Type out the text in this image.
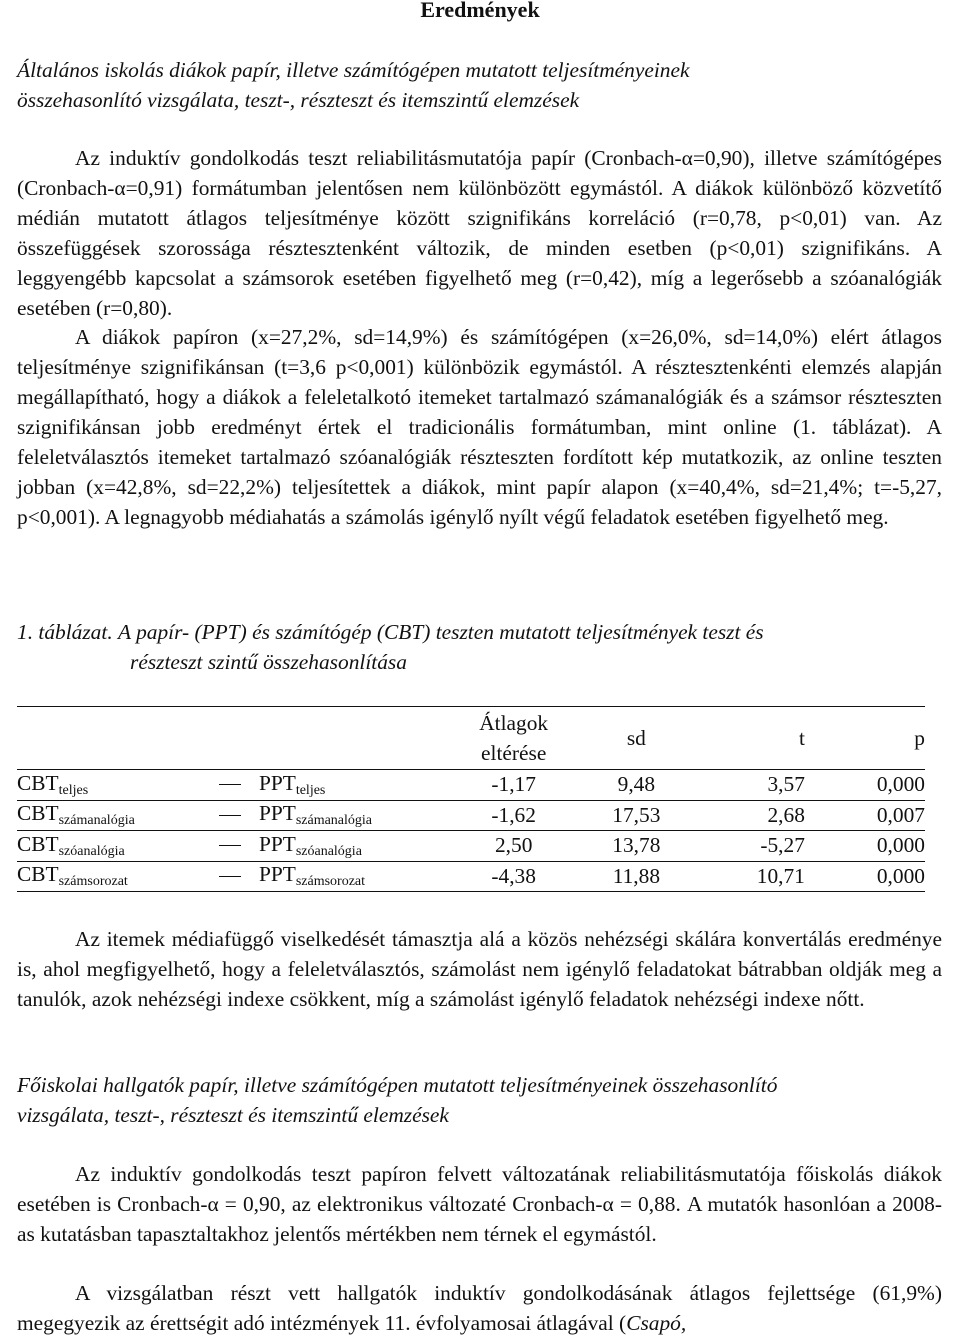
Eredmények
Általános iskolás diákok papír, illetve számítógépen mutatott teljesítményeinek
összehasonlító vizsgálata, teszt-, részteszt és itemszintű elemzések
Az induktív gondolkodás teszt reliabilitásmutatója papír (Cronbach-α=0,90), illetve számítógépes (Cronbach-α=0,91) formátumban jelentősen nem különbözött egymástól. A diákok különböző közvetítő médián mutatott átlagos teljesítménye között szignifikáns korreláció (r=0,78, p<0,01) van. Az összefüggések szorossága résztesztenként változik, de minden esetben (p<0,01) szignifikáns. A leggyengébb kapcsolat a számsorok esetében figyelhető meg (r=0,42), míg a legerősebb a szóanalógiák esetében (r=0,80).
A diákok papíron (x=27,2%, sd=14,9%) és számítógépen (x=26,0%, sd=14,0%) elért átlagos teljesítménye szignifikánsan (t=3,6 p<0,001) különbözik egymástól. A résztesztenkénti elemzés alapján megállapítható, hogy a diákok a feleletalkotó itemeket tartalmazó számanalógiák és a számsor részteszten szignifikánsan jobb eredményt értek el tradicionális formátumban, mint online (1. táblázat). A feleletválasztós itemeket tartalmazó szóanalógiák részteszten fordított kép mutatkozik, az online teszten jobban (x=42,8%, sd=22,2%) teljesítettek a diákok, mint papír alapon (x=40,4%, sd=21,4%; t=-5,27, p<0,001). A legnagyobb médiahatás a számolás igénylő nyílt végű feladatok esetében figyelhető meg.
1. táblázat. A papír- (PPT) és számítógép (CBT) teszten mutatott teljesítmények teszt és
részteszt szintű összehasonlítása
		Átlagok
eltérése	sd	t	p
$CBT_{teljes}$	$PPT_{teljes}$	-1,17	9,48	3,57	0,000
$CBT_{számanalógia}$	$PPT_{számanalógia}$	-1,62	17,53	2,68	0,007
$CBT_{szóanalógia}$	$PPT_{szóanalógia}$	2,50	13,78	-5,27	0,000
$CBT_{számsorozat}$	$PPT_{számsorozat}$	-4,38	11,88	10,71	0,000
Az itemek médiafüggő viselkedését támasztja alá a közös nehézségi skálára konvertálás eredménye is, ahol megfigyelhető, hogy a feleletválasztós, számolást nem igénylő feladatokat bátrabban oldják meg a tanulók, azok nehézségi indexe csökkent, míg a számolást igénylő feladatok nehézségi indexe nőtt.
Főiskolai hallgatók papír, illetve számítógépen mutatott teljesítményeinek összehasonlító
vizsgálata, teszt-, részteszt és itemszintű elemzések
Az induktív gondolkodás teszt papíron felvett változatának reliabilitásmutatója főiskolás diákok esetében is Cronbach-α = 0,90, az elektronikus változaté Cronbach-α = 0,88. A mutatók hasonlóan a 2008-as kutatásban tapasztaltakhoz jelentős mértékben nem térnek el egymástól.
A vizsgálatban részt vett hallgatók induktív gondolkodásának átlagos fejlettsége (61,9%) megegyezik az érettségit adó intézmények 11. évfolyamosai átlagával (Csapó,
